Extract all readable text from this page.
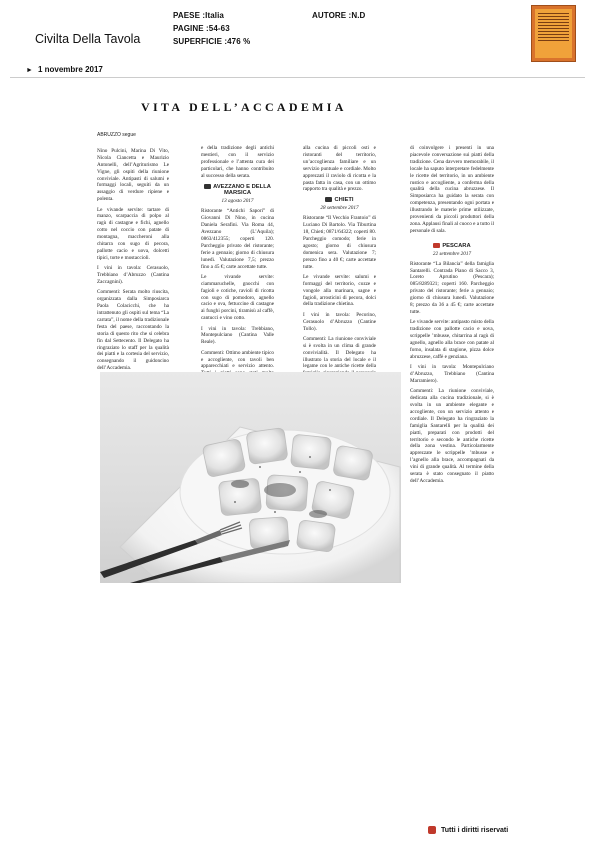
PAESE :Italia
PAGINE :54-63
SUPERFICIE :476 %
AUTORE :N.D
Civilta Della Tavola
► 1 novembre 2017
VITA DELL’ACCADEMIA

ABRUZZO segue

Nino Pulcini, Marina Di Vito, Nicola Ciancetta e Maurizio Antonelli, dell’Agriturismo Le Vigne, gli ospiti della riunione conviviale. Antipasti di salumi e formaggi locali, seguiti da un assaggio di verdure ripiene e polenta.

Le vivande servite: tartare di manzo, scarpaccia di polpo al ragù di castagne e fichi, agnello cotto nel coccio con patate di montagna, maccheroni alla chitarra con sugo di pecora, pallotte cacio e uova, dolcetti tipici, torte e mostaccioli.

I vini in tavola: Cerasuolo, Trebbiano d’Abruzzo (Cantina Zaccagnini).

Commenti: Serata molto riuscita, organizzata dalla Simposiarca Paola Colacicchi, che ha intrattenuto gli ospiti sul tema “La carrata”, il nome della tradizionale festa del paese, raccontando la storia di questo rito che si celebra fin dal Settecento. Il Delegato ha ringraziato lo staff per la qualità dei piatti e la cortesia del servizio, consegnando il guidoncino dell’Accademia.

e della tradizione degli antichi mestieri, con il servizio professionale e l’attenta cura dei particolari, che hanno contribuito al successo della serata.

AVEZZANO E DELLA MARSICA
13 agosto 2017

Ristorante “Antichi Sapori” di Giovanni Di Nino, in cucina Daniela Serafini. Via Roma 44, Avezzano (L’Aquila); 0863/412355; coperti 120. Parcheggio privato del ristorante; ferie a gennaio; giorno di chiusura lunedì. Valutazione 7,5; prezzo fino a 45 €; carte accettate tutte.

Le vivande servite: ciammaruchelle, gnocchi con fagioli e cotiche, ravioli di ricotta con sugo di pomodoro, agnello cacio e ova, fettuccine di castagne ai funghi porcini, tiramisù al caffè, cantucci e vino cotto.

I vini in tavola: Trebbiano, Montepulciano (Cantina Valle Reale).

Commenti: Ottimo ambiente tipico e accogliente, con tavoli ben apparecchiati e servizio attento.

alla cucina di piccoli osti e ristoranti del territorio, un’accoglienza familiare e un servizio puntuale e cordiale. Molto apprezzati il raviolo di ricotta e la pasta fatta in casa, con un ottimo rapporto tra qualità e prezzo.

CHIETI
28 settembre 2017

Ristorante “Il Vecchio Frantoio” di Luciano Di Bartolo. Via Tiburtina 18, Chieti; 0871/64322; coperti 80. Parcheggio comodo; ferie in agosto; giorno di chiusura domenica sera. Valutazione 7; prezzo fino a 40 €; carte accettate tutte.

Le vivande servite: salumi e formaggi del territorio, cozze e vongole alla marinara, sagne e fagioli, arrosticini di pecora, dolci della tradizione chietina.

I vini in tavola: Pecorino, Cerasuolo d’Abruzzo (Cantine Tollo).

Commenti: La riunione conviviale si è svolta in un clima di grande convivialità. Il Delegato ha illustrato la storia del locale e il legame con le antiche ricette della

di coinvolgere i presenti in una piacevole conversazione sui piatti della tradizione. Cena davvero memorabile, il locale ha saputo interpretare fedelmente le ricette del territorio, in un ambiente rustico e accogliente, a conferma della qualità della cucina abruzzese. Il Simposiarca ha guidato la serata con competenza, presentando ogni portata e illustrando le materie prime utilizzate, provenienti da piccoli produttori della zona. Applausi finali al cuoco e a tutto il personale di sala.

PESCARA
22 settembre 2017

Ristorante “La Bilancia” della famiglia Santarelli. Contrada Piano di Sacco 3, Loreto Aprutino (Pescara); 085/8289321; coperti 160. Parcheggio privato del ristorante; ferie a gennaio; giorno di chiusura lunedì. Valutazione 8; prezzo da 36 a 45 €; carte accettate tutte.

Le vivande servite: antipasto misto della tradizione con pallotte cacio e uova, scrippelle ’mbusse, chitarrina al ragù di agnello, agnello alla brace con patate al forno, insalata di stagione, pizza dolce abruzzese, caffè e genziana.

I vini in tavola: Montepulciano d’Abruzzo, Trebbiano (Cantina Marramiero).

Commenti: La riunione conviviale, dedicata alla cucina tradizionale, si è svolta in un ambiente elegante e accogliente, con un servizio attento e cordiale. Il Delegato ha ringraziato la famiglia Santarelli per la qualità dei piatti, preparati con prodotti del territorio e secondo le antiche ricette della zona vestina. Particolarmente apprezzate le scrippelle ’mbusse e l’agnello alla brace, accompagnati da vini di grande qualità. Al termine della serata è stato consegnato il piatto dell’Accademia.

Tutti i diritti riservati
